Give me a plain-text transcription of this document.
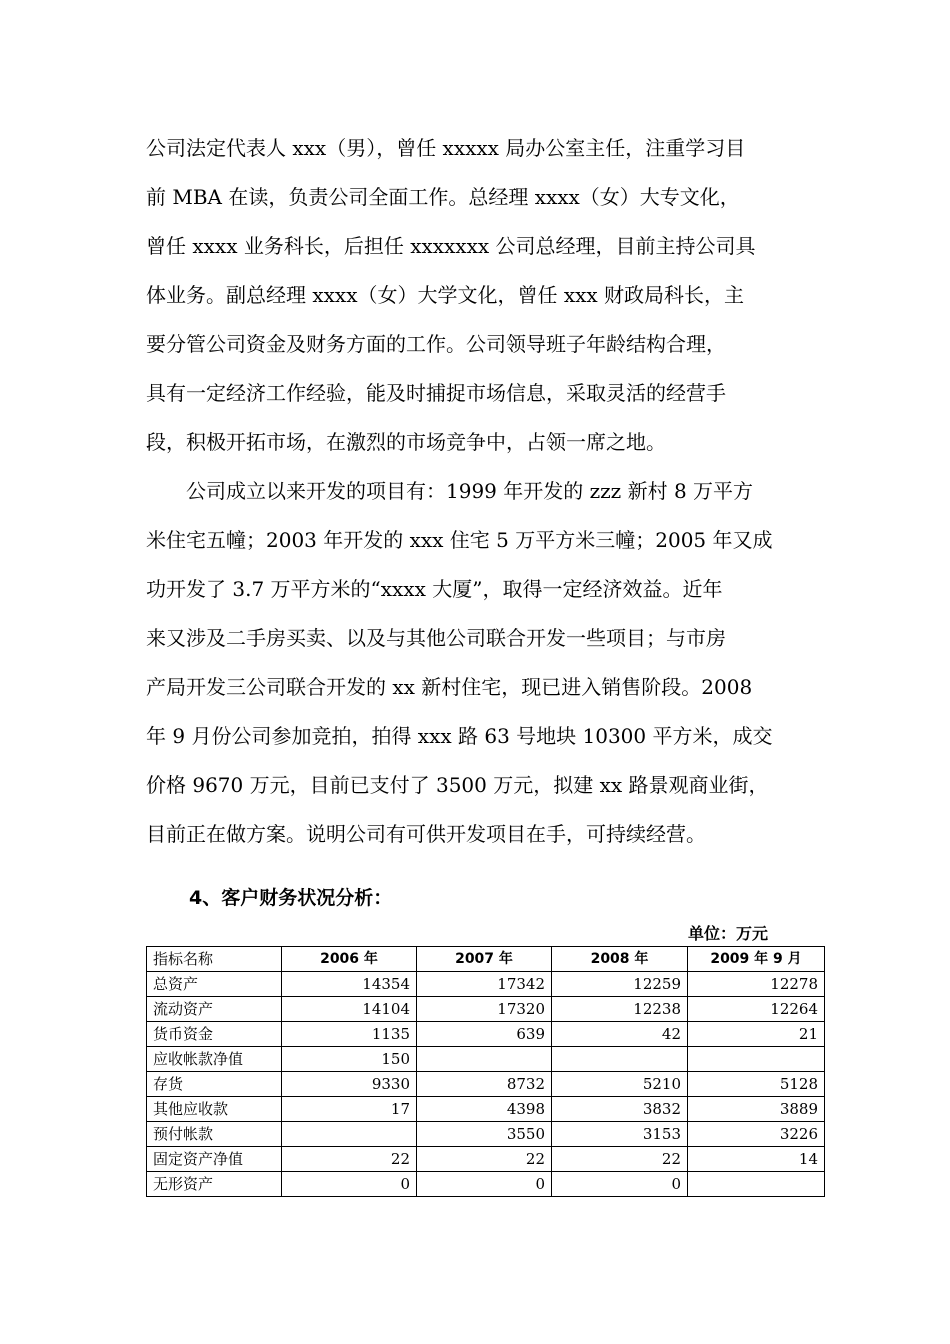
公司法定代表人 xxx（男），曾任 xxxxx 局办公室主任，注重学习目
前 MBA 在读，负责公司全面工作。总经理 xxxx（女）大专文化，
曾任 xxxx 业务科长，后担任 xxxxxxx 公司总经理，目前主持公司具
体业务。副总经理 xxxx（女）大学文化，曾任 xxx 财政局科长，主
要分管公司资金及财务方面的工作。公司领导班子年龄结构合理，
具有一定经济工作经验，能及时捕捉市场信息，采取灵活的经营手
段，积极开拓市场，在激烈的市场竞争中，占领一席之地。

　　公司成立以来开发的项目有：1999 年开发的 zzz 新村 8 万平方
米住宅五幢；2003 年开发的 xxx 住宅 5 万平方米三幢；2005 年又成
功开发了 3.7 万平方米的“xxxx 大厦”，取得一定经济效益。近年
来又涉及二手房买卖、以及与其他公司联合开发一些项目；与市房
产局开发三公司联合开发的 xx 新村住宅，现已进入销售阶段。2008
年 9 月份公司参加竞拍，拍得 xxx 路 63 号地块 10300 平方米，成交
价格 9670 万元，目前已支付了 3500 万元，拟建 xx 路景观商业街，
目前正在做方案。说明公司有可供开发项目在手，可持续经营。

4、客户财务状况分析：
单位：万元
指标名称	2006 年	2007 年	2008 年	2009 年 9 月
总资产	14354	17342	12259	12278
流动资产	14104	17320	12238	12264
货币资金	1135	639	42	21
应收帐款净值	150			
存货	9330	8732	5210	5128
其他应收款	17	4398	3832	3889
预付帐款		3550	3153	3226
固定资产净值	22	22	22	14
无形资产	0	0	0	
